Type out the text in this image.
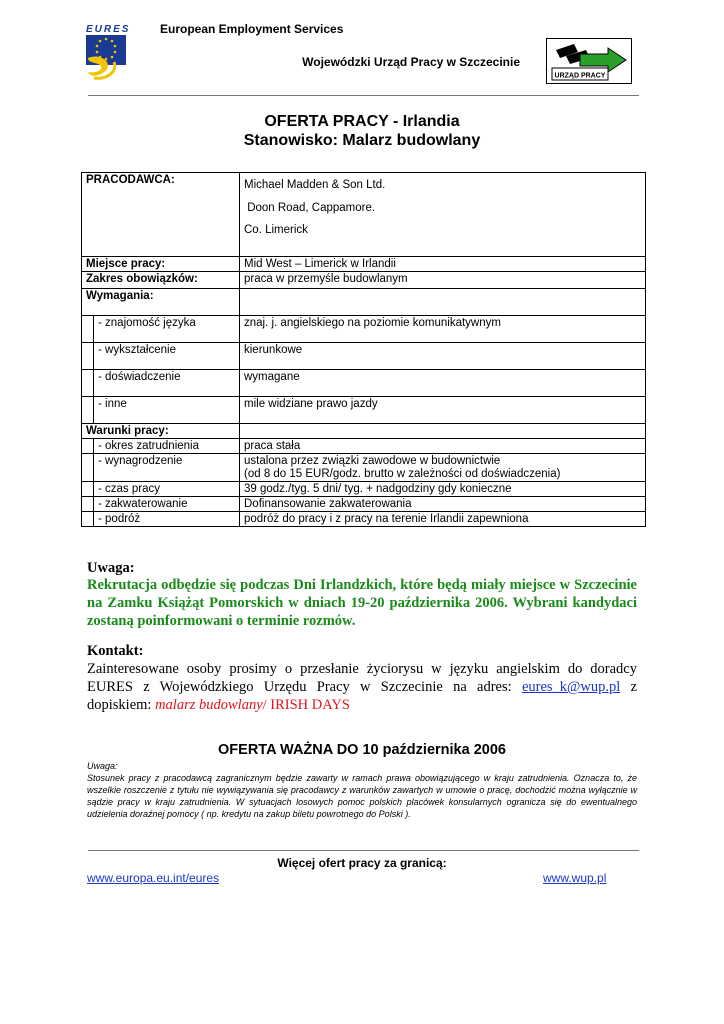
EURES European Employment Services
Wojewódzki Urząd Pracy w Szczecinie
URZĄD PRACY
OFERTA PRACY - Irlandia
Stanowisko: Malarz budowlany
PRACODAWCA:		Michael Madden & Son Ltd.
Doon Road, Cappamore.
Co. Limerick

Miejsce pracy:		Mid West – Limerick w Irlandii
Zakres obowiązków:		praca w przemyśle budowlanym
Wymagania:		
	- znajomość języka	znaj. j. angielskiego na poziomie komunikatywnym
	- wykształcenie	kierunkowe
	- doświadczenie	wymagane
	- inne	mile widziane prawo jazdy
Warunki pracy:		
	- okres zatrudnienia	praca stała
	- wynagrodzenie	ustalona przez związki zawodowe w budownictwie
(od 8 do 15 EUR/godz. brutto w zależności od doświadczenia)

	- czas pracy	39 godz./tyg. 5 dni/ tyg. + nadgodziny gdy konieczne
	- zakwaterowanie	Dofinansowanie zakwaterowania
	- podróż	podróż do pracy i z pracy na terenie Irlandii zapewniona
Uwaga:
Rekrutacja odbędzie się podczas Dni Irlandzkich, które będą miały miejsce w Szczecinie na Zamku Książąt Pomorskich w dniach 19-20 października 2006. Wybrani kandydaci zostaną poinformowani o terminie rozmów.
Kontakt:
Zainteresowane osoby prosimy o przesłanie życiorysu w języku angielskim do doradcy EURES z Wojewódzkiego Urzędu Pracy w Szczecinie na adres: eures_k@wup.pl z dopiskiem: malarz budowlany/ IRISH DAYS
OFERTA WAŻNA DO 10 października 2006
Uwaga:
Stosunek pracy z pracodawcą zagranicznym będzie zawarty w ramach prawa obowiązującego w kraju zatrudnienia. Oznacza to, że wszelkie roszczenie z tytułu nie wywiązywania się pracodawcy z warunków zawartych w umowie o pracę, dochodzić można wyłącznie w sądzie pracy w kraju zatrudnienia. W sytuacjach losowych pomoc polskich placówek konsularnych ogranicza się do ewentualnego udzielenia doraźnej pomocy ( np. kredytu na zakup biletu powrotnego do Polski ).
Więcej ofert pracy za granicą:
www.europa.eu.int/eures	www.wup.pl
